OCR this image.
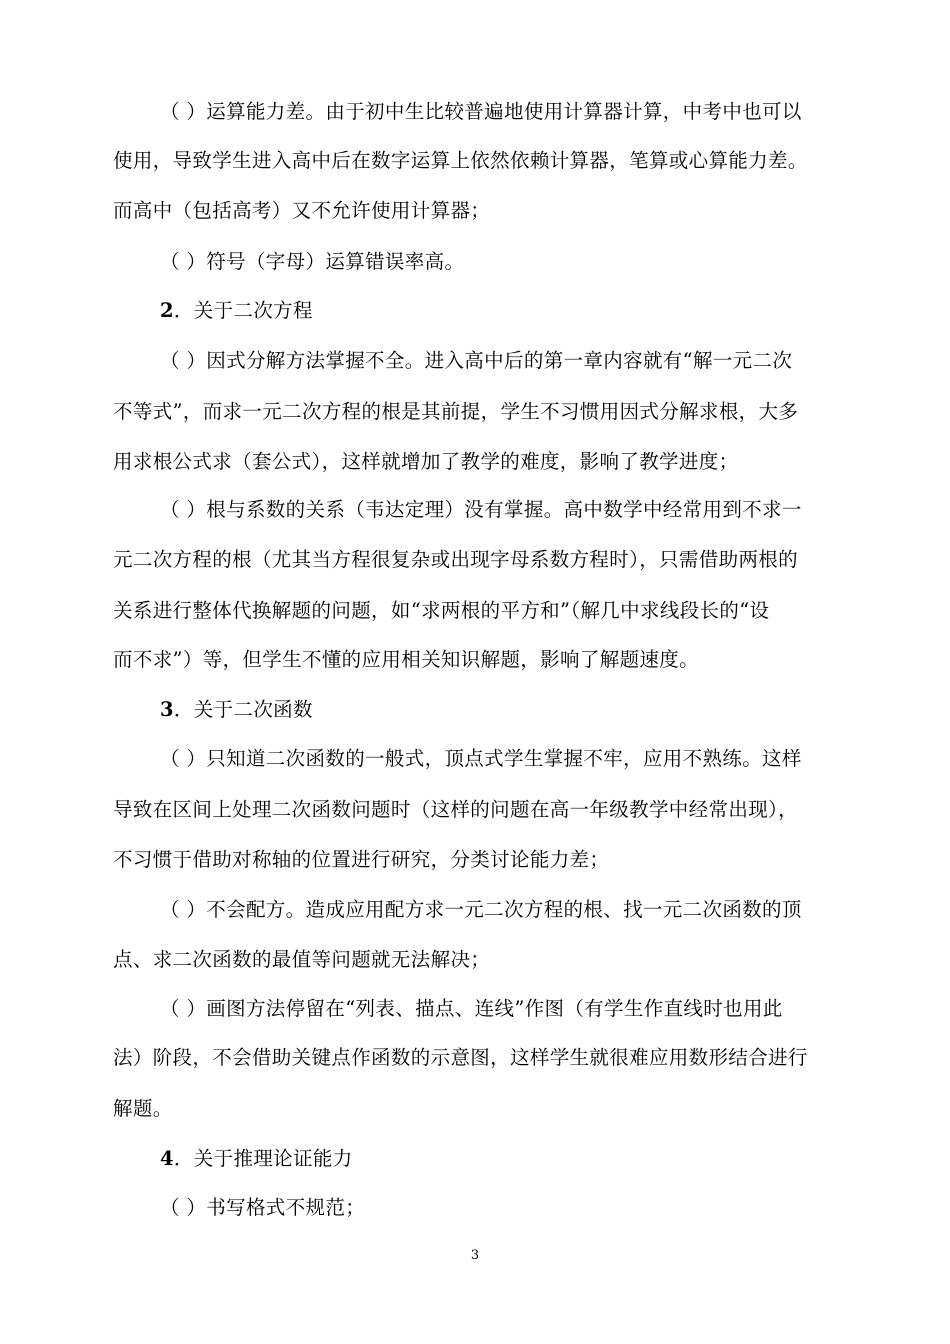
（ ）运算能力差。由于初中生比较普遍地使用计算器计算，中考中也可以
使用，导致学生进入高中后在数字运算上依然依赖计算器，笔算或心算能力差。
而高中（包括高考）又不允许使用计算器；
（ ）符号（字母）运算错误率高。
2．关于二次方程
（ ）因式分解方法掌握不全。进入高中后的第一章内容就有“解一元二次
不等式”，而求一元二次方程的根是其前提，学生不习惯用因式分解求根，大多
用求根公式求（套公式），这样就增加了教学的难度，影响了教学进度；
（ ）根与系数的关系（韦达定理）没有掌握。高中数学中经常用到不求一
元二次方程的根（尤其当方程很复杂或出现字母系数方程时），只需借助两根的
关系进行整体代换解题的问题，如“求两根的平方和”（解几中求线段长的“设
而不求”）等，但学生不懂的应用相关知识解题，影响了解题速度。
3．关于二次函数
（ ）只知道二次函数的一般式，顶点式学生掌握不牢，应用不熟练。这样
导致在区间上处理二次函数问题时（这样的问题在高一年级教学中经常出现），
不习惯于借助对称轴的位置进行研究，分类讨论能力差；
（ ）不会配方。造成应用配方求一元二次方程的根、找一元二次函数的顶
点、求二次函数的最值等问题就无法解决；
（ ）画图方法停留在“列表、描点、连线”作图（有学生作直线时也用此
法）阶段，不会借助关键点作函数的示意图，这样学生就很难应用数形结合进行
解题。
4．关于推理论证能力
（ ）书写格式不规范；
3
